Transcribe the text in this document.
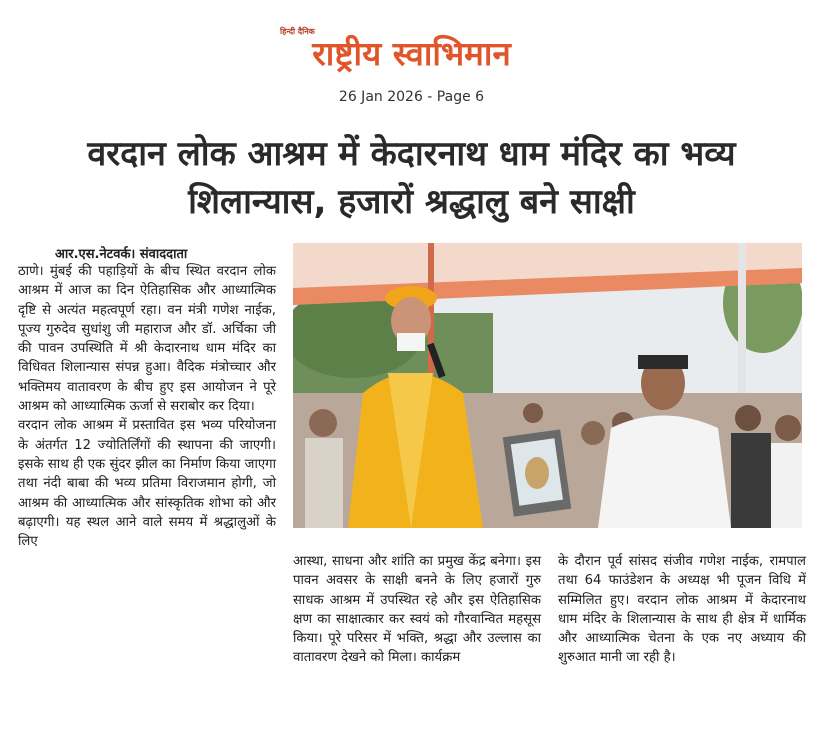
हिन्दी दैनिक
राष्ट्रीय स्वाभिमान
26 Jan 2026 - Page 6
वरदान लोक आश्रम में केदारनाथ धाम मंदिर का भव्य
शिलान्यास, हजारों श्रद्धालु बने साक्षी
आर.एस.नेटवर्क। संवाददाता

ठाणे। मुंबई की पहाड़ियों के बीच स्थित वरदान लोक आश्रम में आज का दिन ऐतिहासिक और आध्यात्मिक दृष्टि से अत्यंत महत्वपूर्ण रहा। वन मंत्री गणेश नाईक, पूज्य गुरुदेव सुधांशु जी महाराज और डॉ. अर्चिका जी की पावन उपस्थिति में श्री केदारनाथ धाम मंदिर का विधिवत शिलान्यास संपन्न हुआ। वैदिक मंत्रोच्चार और भक्तिमय वातावरण के बीच हुए इस आयोजन ने पूरे आश्रम को आध्यात्मिक ऊर्जा से सराबोर कर दिया।

वरदान लोक आश्रम में प्रस्तावित इस भव्य परियोजना के अंतर्गत 12 ज्योतिर्लिंगों की स्थापना की जाएगी। इसके साथ ही एक सुंदर झील का निर्माण किया जाएगा तथा नंदी बाबा की भव्य प्रतिमा विराजमान होगी, जो आश्रम की आध्यात्मिक और सांस्कृतिक शोभा को और बढ़ाएगी। यह स्थल आने वाले समय में श्रद्धालुओं के लिए

आस्था, साधना और शांति का प्रमुख केंद्र बनेगा। इस पावन अवसर के साक्षी बनने के लिए हजारों गुरु साधक आश्रम में उपस्थित रहे और इस ऐतिहासिक क्षण का साक्षात्कार कर स्वयं को गौरवान्वित महसूस किया। पूरे परिसर में भक्ति, श्रद्धा और उल्लास का वातावरण देखने को मिला। कार्यक्रम

के दौरान पूर्व सांसद संजीव गणेश नाईक, रामपाल तथा 64 फाउंडेशन के अध्यक्ष भी पूजन विधि में सम्मिलित हुए। वरदान लोक आश्रम में केदारनाथ धाम मंदिर के शिलान्यास के साथ ही क्षेत्र में धार्मिक और आध्यात्मिक चेतना के एक नए अध्याय की शुरुआत मानी जा रही है।
